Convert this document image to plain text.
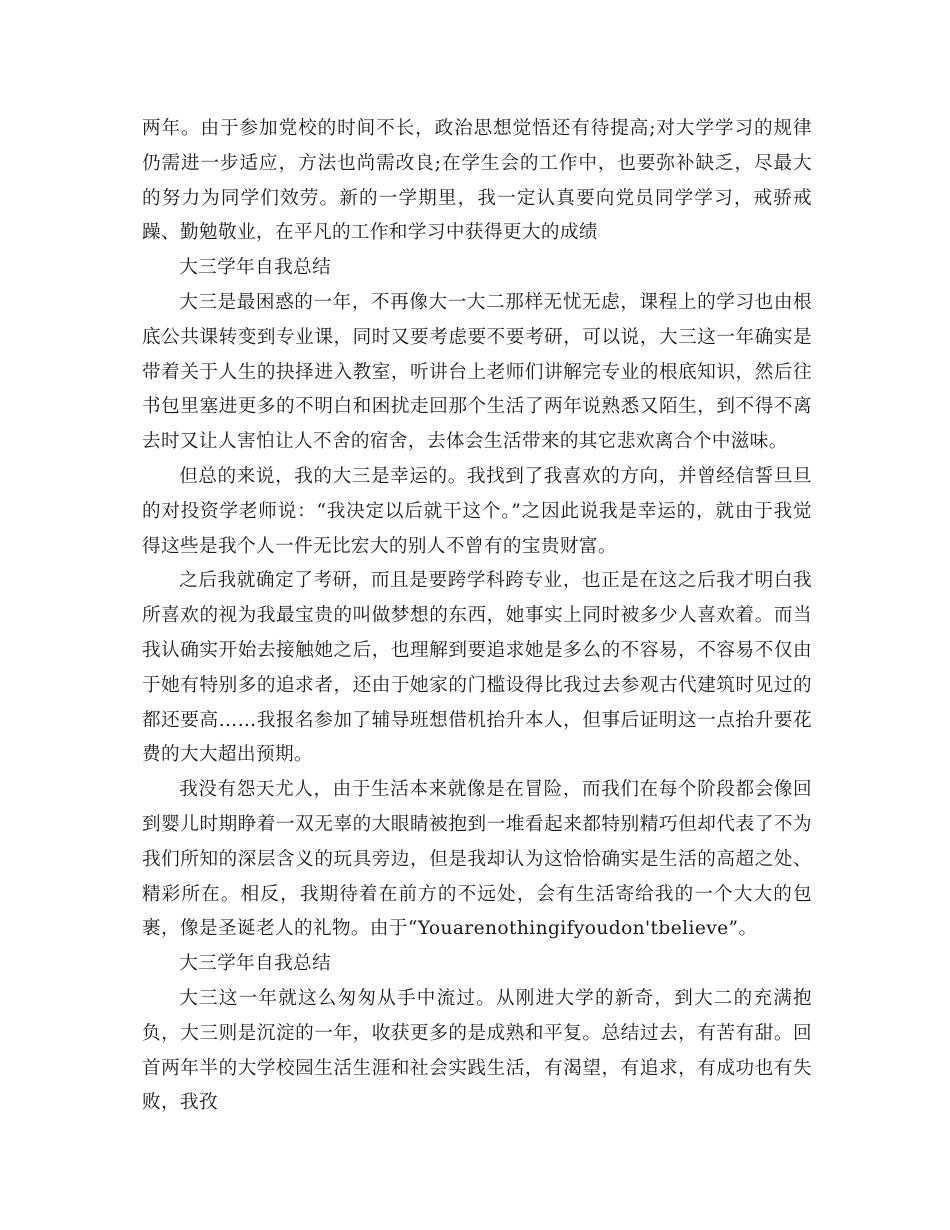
两年。由于参加党校的时间不长，政治思想觉悟还有待提高;对大学学习的规律仍需进一步适应，方法也尚需改良;在学生会的工作中，也要弥补缺乏，尽最大的努力为同学们效劳。新的一学期里，我一定认真要向党员同学学习，戒骄戒躁、勤勉敬业，在平凡的工作和学习中获得更大的成绩

大三学年自我总结

大三是最困惑的一年，不再像大一大二那样无忧无虑，课程上的学习也由根底公共课转变到专业课，同时又要考虑要不要考研，可以说，大三这一年确实是带着关于人生的抉择进入教室，听讲台上老师们讲解完专业的根底知识，然后往书包里塞进更多的不明白和困扰走回那个生活了两年说熟悉又陌生，到不得不离去时又让人害怕让人不舍的宿舍，去体会生活带来的其它悲欢离合个中滋味。

但总的来说，我的大三是幸运的。我找到了我喜欢的方向，并曾经信誓旦旦的对投资学老师说：“我决定以后就干这个。”之因此说我是幸运的，就由于我觉得这些是我个人一件无比宏大的别人不曾有的宝贵财富。

之后我就确定了考研，而且是要跨学科跨专业，也正是在这之后我才明白我所喜欢的视为我最宝贵的叫做梦想的东西，她事实上同时被多少人喜欢着。而当我认确实开始去接触她之后，也理解到要追求她是多么的不容易，不容易不仅由于她有特别多的追求者，还由于她家的门槛设得比我过去参观古代建筑时见过的都还要高……我报名参加了辅导班想借机抬升本人，但事后证明这一点抬升要花费的大大超出预期。

我没有怨天尤人，由于生活本来就像是在冒险，而我们在每个阶段都会像回到婴儿时期睁着一双无辜的大眼睛被抱到一堆看起来都特别精巧但却代表了不为我们所知的深层含义的玩具旁边，但是我却认为这恰恰确实是生活的高超之处、精彩所在。相反，我期待着在前方的不远处，会有生活寄给我的一个大大的包裹，像是圣诞老人的礼物。由于“Youarenothingifyoudon'tbelieve”。

大三学年自我总结

大三这一年就这么匆匆从手中流过。从刚进大学的新奇，到大二的充满抱负，大三则是沉淀的一年，收获更多的是成熟和平复。总结过去，有苦有甜。回首两年半的大学校园生活生涯和社会实践生活，有渴望，有追求，有成功也有失败，我孜
